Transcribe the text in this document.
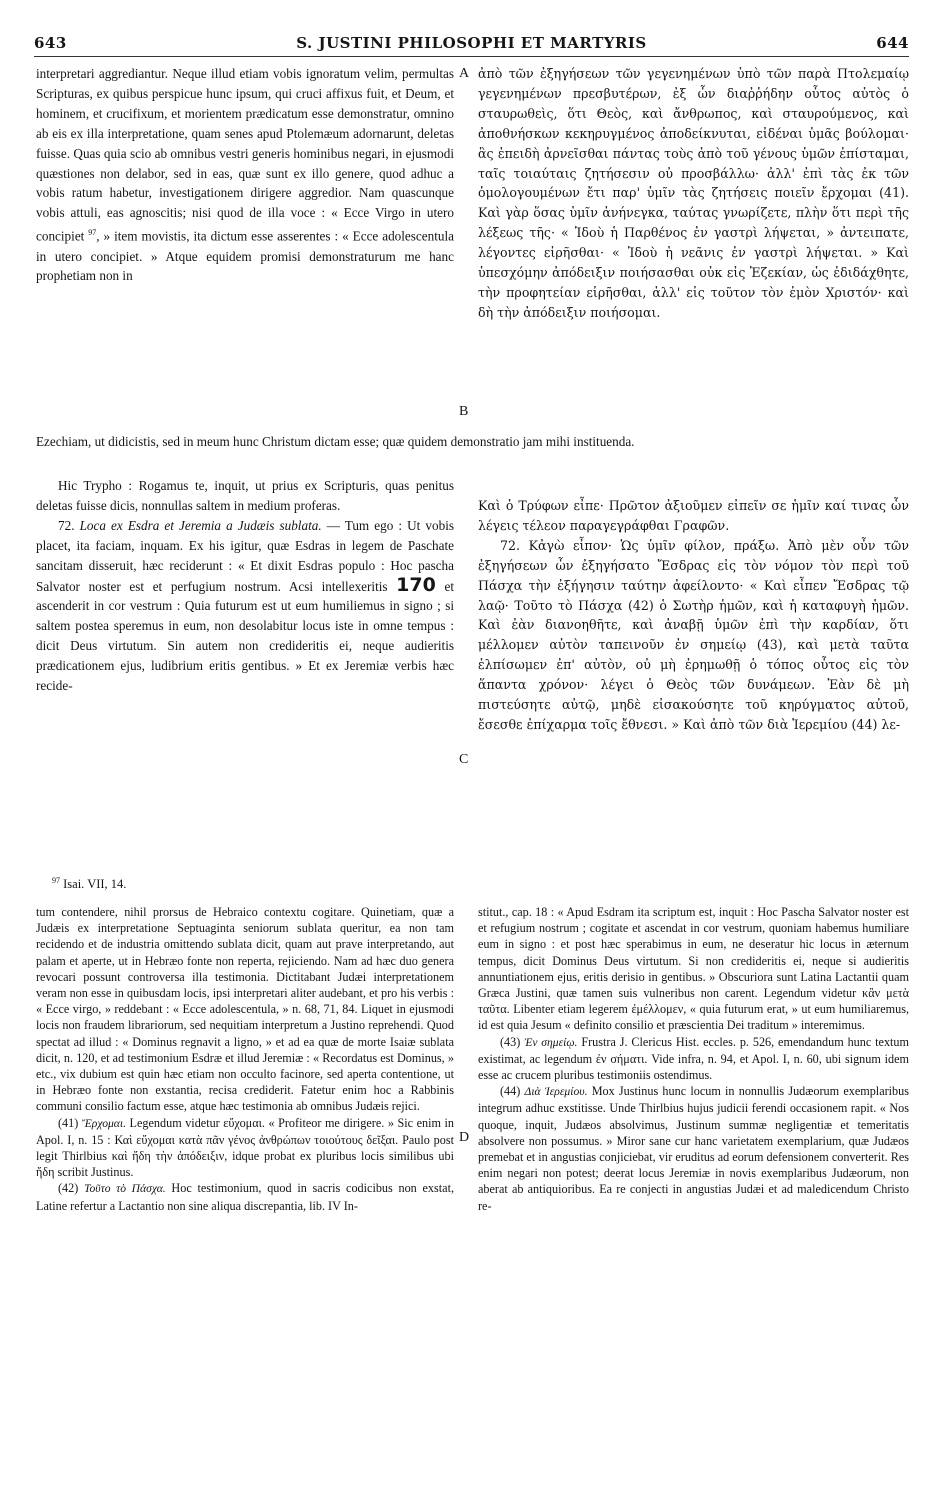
643	S. JUSTINI PHILOSOPHI ET MARTYRIS	644

interpretari aggrediantur. Neque illud etiam vobis ignoratum velim, permultas Scripturas, ex quibus perspicue hunc ipsum, qui cruci affixus fuit, et Deum, et hominem, et crucifixum, et morientem prædicatum esse demonstratur, omnino ab eis ex illa interpretatione, quam senes apud Ptolemæum adornarunt, deletas fuisse. Quas quia scio ab omnibus vestri generis hominibus negari, in ejusmodi quæstiones non delabor, sed in eas, quæ sunt ex illo genere, quod adhuc a vobis ratum habetur, investigationem dirigere aggredior. Nam quascunque vobis attuli, eas agnoscitis; nisi quod de illa voce : « Ecce Virgo in utero concipiet $^{97}$, » item movistis, ita dictum esse asserentes : « Ecce adolescentula in utero concipiet. » Atque equidem promisi demonstraturum me hanc prophetiam non in

A
B

ἀπὸ τῶν ἐξηγήσεων τῶν γεγενημένων ὑπὸ τῶν παρὰ Πτολεμαίῳ γεγενημένων πρεσβυτέρων, ἐξ ὧν διαῤῥήδην οὗτος αὐτὸς ὁ σταυρωθεὶς, ὅτι Θεὸς, καὶ ἄνθρωπος, καὶ σταυρούμενος, καὶ ἀποθνήσκων κεκηρυγμένος ἀποδείκνυται, εἰδέναι ὑμᾶς βούλομαι· ἃς ἐπειδὴ ἀρνεῖσθαι πάντας τοὺς ἀπὸ τοῦ γένους ὑμῶν ἐπίσταμαι, ταῖς τοιαύταις ζητήσεσιν οὐ προσβάλλω· ἀλλ' ἐπὶ τὰς ἐκ τῶν ὁμολογουμένων ἔτι παρ' ὑμῖν τὰς ζητήσεις ποιεῖν ἔρχομαι (41). Καὶ γὰρ ὅσας ὑμῖν ἀνήνεγκα, ταύτας γνωρίζετε, πλὴν ὅτι περὶ τῆς λέξεως τῆς· « Ἰδοὺ ἡ Παρθένος ἐν γαστρὶ λήψεται, » ἀντειπατε, λέγοντες εἰρῆσθαι· « Ἰδοὺ ἡ νεᾶνις ἐν γαστρὶ λήψεται. » Καὶ ὑπεσχόμην ἀπόδειξιν ποιήσασθαι οὐκ εἰς Ἐζεκίαν, ὡς ἐδιδάχθητε, τὴν προφητείαν εἰρῆσθαι, ἀλλ' εἰς τοῦτον τὸν ἐμὸν Χριστόν· καὶ δὴ τὴν ἀπόδειξιν ποιήσομαι.

Ezechiam, ut didicistis, sed in meum hunc Christum dictam esse; quæ quidem demonstratio jam mihi instituenda.

Hic Trypho : Rogamus te, inquit, ut prius ex Scripturis, quas penitus deletas fuisse dicis, nonnullas saltem in medium proferas.

72. Loca ex Esdra et Jeremia a Judæis sublata. — Tum ego : Ut vobis placet, ita faciam, inquam. Ex his igitur, quæ Esdras in legem de Paschate sancitam disseruit, hæc reciderunt : « Et dixit Esdras populo : Hoc pascha Salvator noster est et perfugium nostrum. Acsi intellexeritis 170 et ascenderit in cor vestrum : Quia futurum est ut eum humiliemus in signo ; si saltem postea speremus in eum, non desolabitur locus iste in omne tempus : dicit Deus virtutum. Sin autem non credideritis ei, neque audieritis prædicationem ejus, ludibrium eritis gentibus. » Et ex Jeremiæ verbis hæc recide-

C

Καὶ ὁ Τρύφων εἶπε· Πρῶτον ἀξιοῦμεν εἰπεῖν σε ἡμῖν καί τινας ὧν λέγεις τέλεον παραγεγράφθαι Γραφῶν.

72. Κἀγὼ εἶπον· Ὡς ὑμῖν φίλον, πράξω. Ἀπὸ μὲν οὖν τῶν ἐξηγήσεων ὧν ἐξηγήσατο Ἔσδρας εἰς τὸν νόμον τὸν περὶ τοῦ Πάσχα τὴν ἐξήγησιν ταύτην ἀφείλοντο· « Καὶ εἶπεν Ἔσδρας τῷ λαῷ· Τοῦτο τὸ Πάσχα (42) ὁ Σωτὴρ ἡμῶν, καὶ ἡ καταφυγὴ ἡμῶν. Καὶ ἐὰν διανοηθῆτε, καὶ ἀναβῇ ὑμῶν ἐπὶ τὴν καρδίαν, ὅτι μέλλομεν αὐτὸν ταπεινοῦν ἐν σημείῳ (43), καὶ μετὰ ταῦτα ἐλπίσωμεν ἐπ' αὐτὸν, οὐ μὴ ἐρημωθῇ ὁ τόπος οὗτος εἰς τὸν ἅπαντα χρόνον· λέγει ὁ Θεὸς τῶν δυνάμεων. Ἐὰν δὲ μὴ πιστεύσητε αὐτῷ, μηδὲ εἰσακούσητε τοῦ κηρύγματος αὐτοῦ, ἔσεσθε ἐπίχαρμα τοῖς ἔθνεσι. » Καὶ ἀπὸ τῶν διὰ Ἱερεμίου (44) λε-

$^{97}$ Isai. VII, 14.

tum contendere, nihil prorsus de Hebraico contextu cogitare. Quinetiam, quæ a Judæis ex interpretatione Septuaginta seniorum sublata queritur, ea non tam recidendo et de industria omittendo sublata dicit, quam aut prave interpretando, aut palam et aperte, ut in Hebræo fonte non reperta, rejiciendo. Nam ad hæc duo genera revocari possunt controversa illa testimonia. Dictitabant Judæi interpretationem veram non esse in quibusdam locis, ipsi interpretari aliter audebant, et pro his verbis : « Ecce virgo, » reddebant : « Ecce adolescentula, » n. 68, 71, 84. Liquet in ejusmodi locis non fraudem librariorum, sed nequitiam interpretum a Justino reprehendi. Quod spectat ad illud : « Dominus regnavit a ligno, » et ad ea quæ de morte Isaiæ sublata dicit, n. 120, et ad testimonium Esdræ et illud Jeremiæ : « Recordatus est Dominus, » etc., vix dubium est quin hæc etiam non occulto facinore, sed aperta contentione, ut in Hebræo fonte non exstantia, recisa crediderit. Fatetur enim hoc a Rabbinis communi consilio factum esse, atque hæc testimonia ab omnibus Judæis rejici.

(41) Ἔρχομαι. Legendum videtur εὔχομαι. « Profiteor me dirigere. » Sic enim in Apol. I, n. 15 : Καὶ εὔχομαι κατὰ πᾶν γένος ἀνθρώπων τοιούτους δεῖξαι. Paulo post legit Thirlbius καὶ ἤδη τὴν ἀπόδειξιν, idque probat ex pluribus locis similibus ubi ἤδη scribit Justinus.

(42) Τοῦτο τὸ Πάσχα. Hoc testimonium, quod in sacris codicibus non exstat, Latine refertur a Lactantio non sine aliqua discrepantia, lib. IV In-

D

stitut., cap. 18 : « Apud Esdram ita scriptum est, inquit : Hoc Pascha Salvator noster est et refugium nostrum ; cogitate et ascendat in cor vestrum, quoniam habemus humiliare eum in signo : et post hæc sperabimus in eum, ne deseratur hic locus in æternum tempus, dicit Dominus Deus virtutum. Si non credideritis ei, neque si audieritis annuntiationem ejus, eritis derisio in gentibus. » Obscuriora sunt Latina Lactantii quam Græca Justini, quæ tamen suis vulneribus non carent. Legendum videtur κἂν μετὰ ταῦτα. Libenter etiam legerem ἐμέλλομεν, « quia futurum erat, » ut eum humiliaremus, id est quia Jesum « definito consilio et præscientia Dei traditum » interemimus.

(43) Ἐν σημείῳ. Frustra J. Clericus Hist. eccles. p. 526, emendandum hunc textum existimat, ac legendum ἐν σήματι. Vide infra, n. 94, et Apol. I, n. 60, ubi signum idem esse ac crucem pluribus testimoniis ostendimus.

(44) Διὰ Ἱερεμίου. Mox Justinus hunc locum in nonnullis Judæorum exemplaribus integrum adhuc exstitisse. Unde Thirlbius hujus judicii ferendi occasionem rapit. « Nos quoque, inquit, Judæos absolvimus, Justinum summæ negligentiæ et temeritatis absolvere non possumus. » Miror sane cur hanc varietatem exemplarium, quæ Judæos premebat et in angustias conjiciebat, vir eruditus ad eorum defensionem converterit. Res enim negari non potest; deerat locus Jeremiæ in novis exemplaribus Judæorum, non aberat ab antiquioribus. Ea re conjecti in angustias Judæi et ad maledicendum Christo re-
